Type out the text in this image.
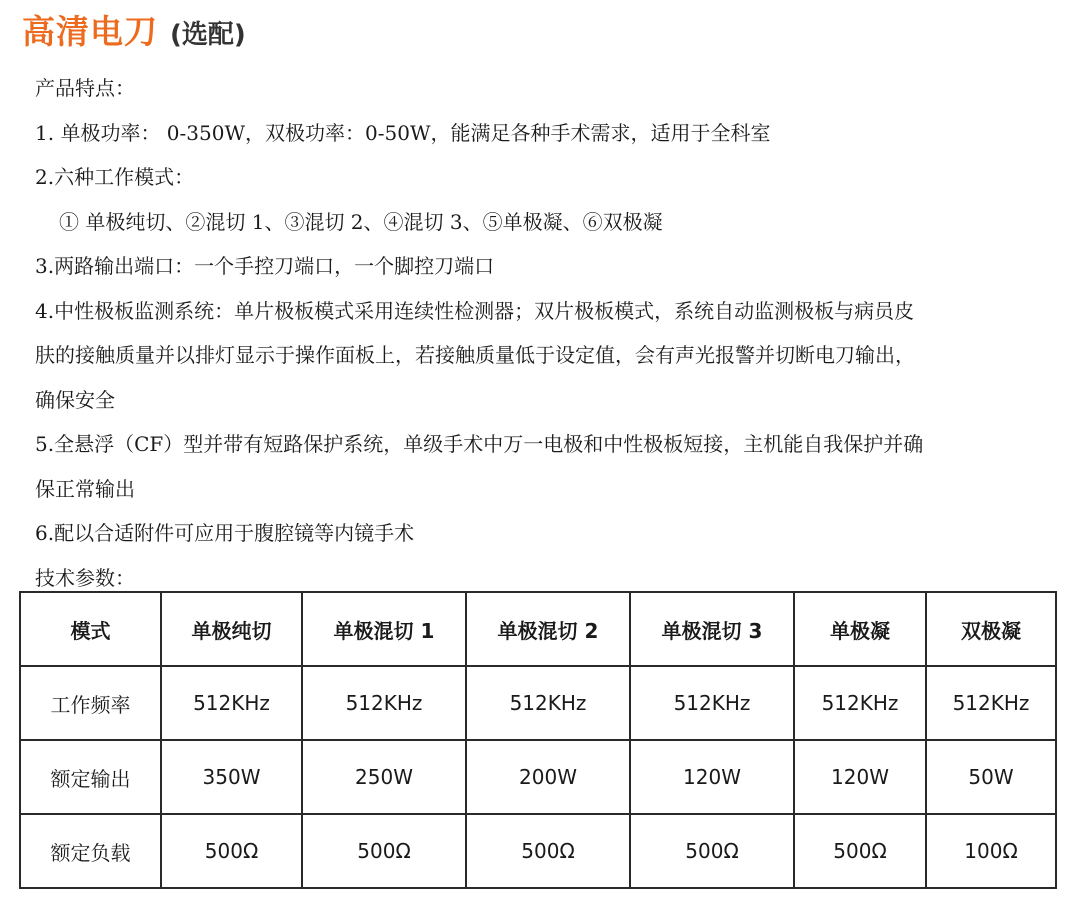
高清电刀 (选配)
产品特点：
1. 单极功率： 0-350W，双极功率：0-50W，能满足各种手术需求，适用于全科室
2.六种工作模式：
① 单极纯切、②混切 1、③混切 2、④混切 3、⑤单极凝、⑥双极凝
3.两路输出端口：一个手控刀端口，一个脚控刀端口
4.中性极板监测系统：单片极板模式采用连续性检测器；双片极板模式，系统自动监测极板与病员皮
肤的接触质量并以排灯显示于操作面板上，若接触质量低于设定值，会有声光报警并切断电刀输出，
确保安全
5.全悬浮（CF）型并带有短路保护系统，单级手术中万一电极和中性极板短接，主机能自我保护并确
保正常输出
6.配以合适附件可应用于腹腔镜等内镜手术
技术参数：
模式	单极纯切	单极混切 1	单极混切 2	单极混切 3	单极凝	双极凝
工作频率	512KHz	512KHz	512KHz	512KHz	512KHz	512KHz
额定输出	350W	250W	200W	120W	120W	50W
额定负载	500Ω	500Ω	500Ω	500Ω	500Ω	100Ω
